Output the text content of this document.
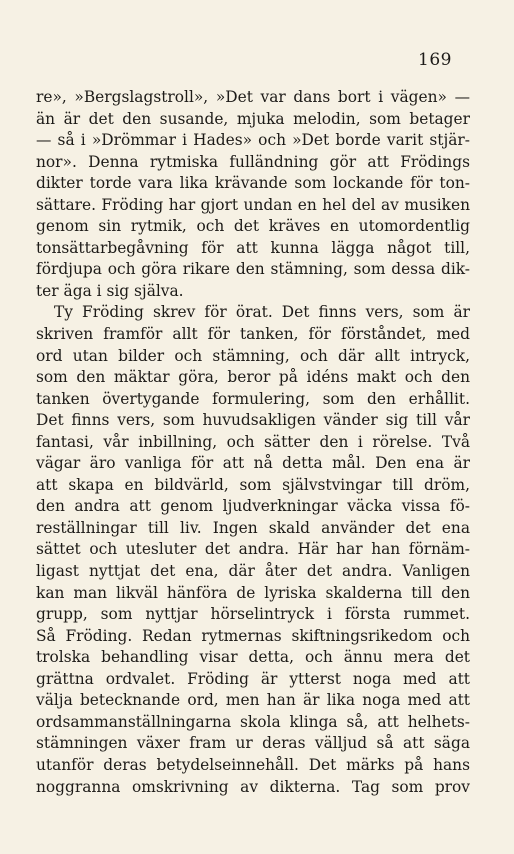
169
re», »Bergslagstroll», »Det var dans bort i vägen» —
än är det den susande, mjuka melodin, som betager
— så i »Drömmar i Hades» och »Det borde varit stjär-
nor». Denna rytmiska fulländning gör att Frödings
dikter torde vara lika krävande som lockande för ton-
sättare. Fröding har gjort undan en hel del av musiken
genom sin rytmik, och det kräves en utomordentlig
tonsättarbegåvning för att kunna lägga något till,
fördjupa och göra rikare den stämning, som dessa dik-
ter äga i sig själva.
Ty Fröding skrev för örat. Det finns vers, som är
skriven framför allt för tanken, för förståndet, med
ord utan bilder och stämning, och där allt intryck,
som den mäktar göra, beror på idéns makt och den
tanken övertygande formulering, som den erhållit.
Det finns vers, som huvudsakligen vänder sig till vår
fantasi, vår inbillning, och sätter den i rörelse. Två
vägar äro vanliga för att nå detta mål. Den ena är
att skapa en bildvärld, som självstvingar till dröm,
den andra att genom ljudverkningar väcka vissa fö-
reställningar till liv. Ingen skald använder det ena
sättet och utesluter det andra. Här har han förnäm-
ligast nyttjat det ena, där åter det andra. Vanligen
kan man likväl hänföra de lyriska skalderna till den
grupp, som nyttjar hörselintryck i första rummet.
Så Fröding. Redan rytmernas skiftningsrikedom och
trolska behandling visar detta, och ännu mera det
grättna ordvalet. Fröding är ytterst noga med att
välja betecknande ord, men han är lika noga med att
ordsammanställningarna skola klinga så, att helhets-
stämningen växer fram ur deras välljud så att säga
utanför deras betydelseinnehåll. Det märks på hans
noggranna omskrivning av dikterna. Tag som prov
